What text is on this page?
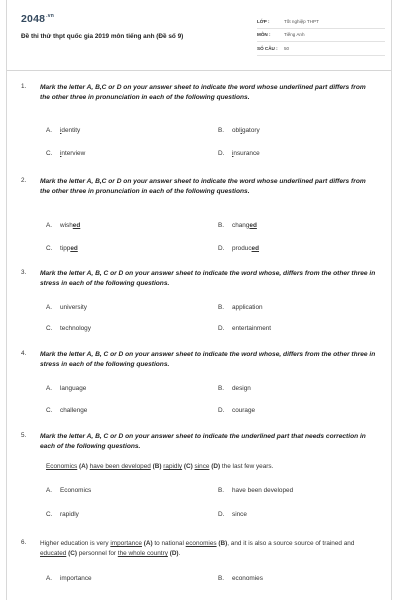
$2048^{.vn}$
Đề thi thử thpt quốc gia 2019 môn tiếng anh (Đề số 9)
LỚP :	Tốt nghiệp THPT
MÔN :	Tiếng Anh
SỐ CÂU :	50
1. Mark the letter A, B,C or D on your answer sheet to indicate the word whose underlined part differs from the other three in pronunciation in each of the following questions.
A. identity	B. obligatory
C. interview	D. insurance
2. Mark the letter A, B,C or D on your answer sheet to indicate the word whose underlined part differs from the other three in pronunciation in each of the following questions.
A. wished	B. changed
C. tipped	D. produced
3. Mark the letter A, B, C or D on your answer sheet to indicate the word whose, differs from the other three in stress in each of the following questions.
A. university	B. application
C. technology	D. entertainment
4. Mark the letter A, B, C or D on your answer sheet to indicate the word whose, differs from the other three in stress in each of the following questions.
A. language	B. design
C. challenge	D. courage
5. Mark the letter A, B, C or D on your answer sheet to indicate the underlined part that needs correction in each of the following questions.
Economics (A) have been developed (B) rapidly (C) since (D) the last few years.
A. Economics	B. have been developed
C. rapidly	D. since
6. Higher education is very importance (A) to national economies (B), and it is also a source source of trained and educated (C) personnel for the whole country (D).
A. importance	B. economies
